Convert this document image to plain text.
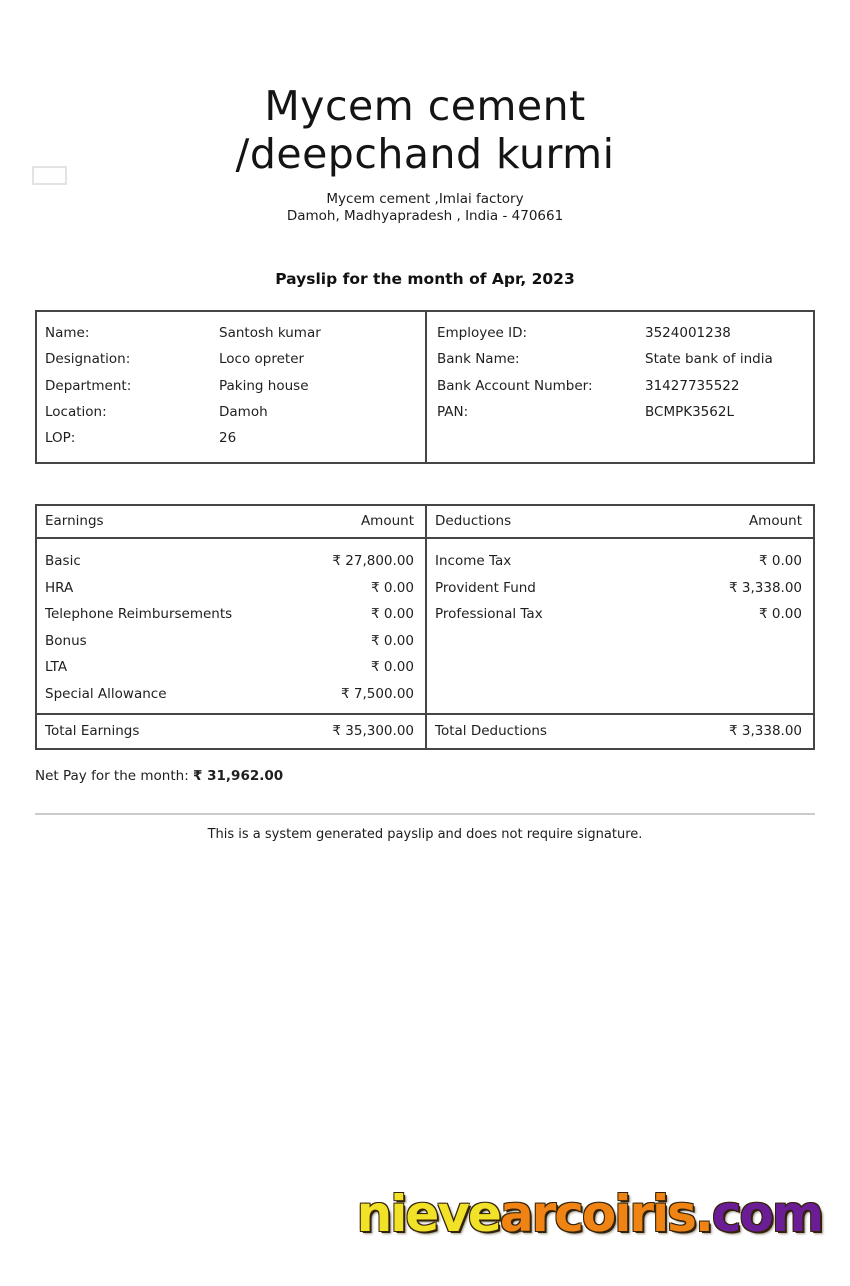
Mycem cement
/deepchand kurmi
Mycem cement ,Imlai factory
Damoh, Madhyapradesh , India - 470661
Payslip for the month of Apr, 2023
Name:	Santosh kumar
Designation:	Loco opreter
Department:	Paking house
Location:	Damoh
LOP:	26
Employee ID:	3524001238
Bank Name:	State bank of india
Bank Account Number:	31427735522
PAN:	BCMPK3562L
Earnings	Amount
Basic	₹ 27,800.00
HRA	₹ 0.00
Telephone Reimbursements	₹ 0.00
Bonus	₹ 0.00
LTA	₹ 0.00
Special Allowance	₹ 7,500.00
Total Earnings	₹ 35,300.00
Deductions	Amount
Income Tax	₹ 0.00
Provident Fund	₹ 3,338.00
Professional Tax	₹ 0.00
Total Deductions	₹ 3,338.00
Net Pay for the month: ₹ 31,962.00
This is a system generated payslip and does not require signature.
nievearcoiris.com
